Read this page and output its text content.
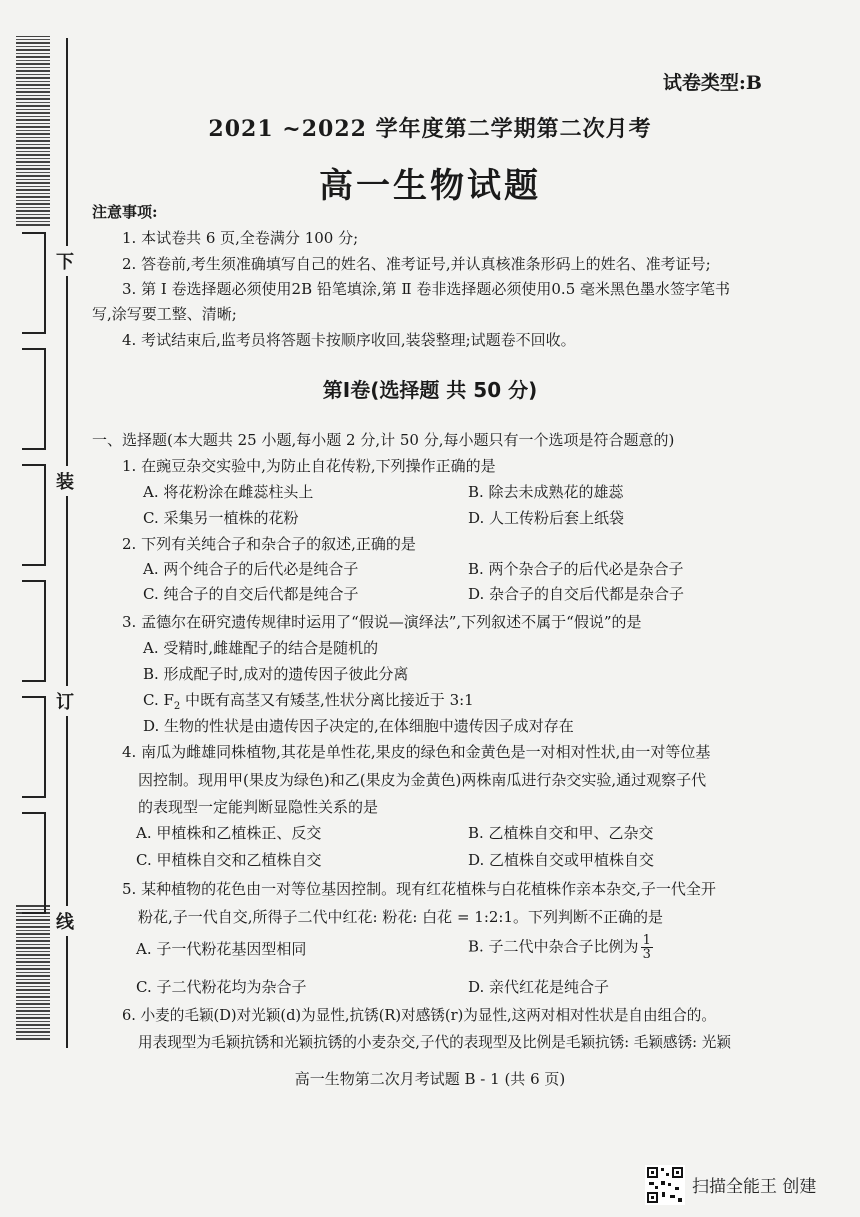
下
装
订
线
试卷类型:B
2021 ~2022 学年度第二学期第二次月考
高一生物试题
注意事项:
1. 本试卷共 6 页,全卷满分 100 分;
2. 答卷前,考生须准确填写自己的姓名、准考证号,并认真核准条形码上的姓名、准考证号;
3. 第 Ⅰ 卷选择题必须使用2B 铅笔填涂,第 Ⅱ 卷非选择题必须使用0.5 毫米黑色墨水签字笔书
写,涂写要工整、清晰;
4. 考试结束后,监考员将答题卡按顺序收回,装袋整理;试题卷不回收。
第Ⅰ卷(选择题 共 50 分)
一、选择题(本大题共 25 小题,每小题 2 分,计 50 分,每小题只有一个选项是符合题意的)
1. 在豌豆杂交实验中,为防止自花传粉,下列操作正确的是
A. 将花粉涂在雌蕊柱头上	B. 除去未成熟花的雄蕊
C. 采集另一植株的花粉	D. 人工传粉后套上纸袋
2. 下列有关纯合子和杂合子的叙述,正确的是
A. 两个纯合子的后代必是纯合子	B. 两个杂合子的后代必是杂合子
C. 纯合子的自交后代都是纯合子	D. 杂合子的自交后代都是杂合子
3. 孟德尔在研究遗传规律时运用了“假说—演绎法”,下列叙述不属于“假说”的是
A. 受精时,雌雄配子的结合是随机的
B. 形成配子时,成对的遗传因子彼此分离
C. $F_2$ 中既有高茎又有矮茎,性状分离比接近于 3:1
D. 生物的性状是由遗传因子决定的,在体细胞中遗传因子成对存在
4. 南瓜为雌雄同株植物,其花是单性花,果皮的绿色和金黄色是一对相对性状,由一对等位基
因控制。现用甲(果皮为绿色)和乙(果皮为金黄色)两株南瓜进行杂交实验,通过观察子代
的表现型一定能判断显隐性关系的是
A. 甲植株和乙植株正、反交	B. 乙植株自交和甲、乙杂交
C. 甲植株自交和乙植株自交	D. 乙植株自交或甲植株自交
5. 某种植物的花色由一对等位基因控制。现有红花植株与白花植株作亲本杂交,子一代全开
粉花,子一代自交,所得子二代中红花: 粉花: 白花 = 1:2:1。下列判断不正确的是
A. 子一代粉花基因型相同	B. 子二代中杂合子比例为 $\frac{1}{3}$
C. 子二代粉花均为杂合子	D. 亲代红花是纯合子
6. 小麦的毛颖(D)对光颖(d)为显性,抗锈(R)对感锈(r)为显性,这两对相对性状是自由组合的。
用表现型为毛颖抗锈和光颖抗锈的小麦杂交,子代的表现型及比例是毛颖抗锈: 毛颖感锈: 光颖
高一生物第二次月考试题 B - 1 (共 6 页)
扫描全能王 创建
